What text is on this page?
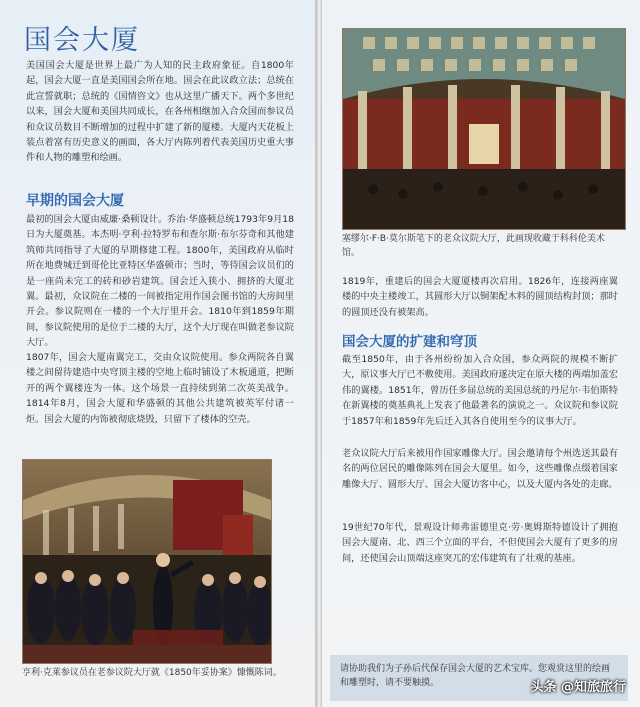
国会大厦

美国国会大厦是世界上最广为人知的民主政府象征。自1800年起，国会大厦一直是美国国会所在地。国会在此议政立法；总统在此宣誓就职；总统的《国情咨文》也从这里广播天下。两个多世纪以来，国会大厦和美国共同成长，在各州相继加入合众国而参议员和众议员数目不断增加的过程中扩建了新的厦楼。大厦内天花板上装点着富有历史意义的画面，各大厅内陈列着代表美国历史重大事件和人物的雕塑和绘画。

早期的国会大厦

最初的国会大厦由威廉·桑顿设计。乔治·华盛顿总统1793年9月18日为大厦奠基。本杰明·亨利·拉特罗布和查尔斯·布尔芬奇和其他建筑师共同指导了大厦的早期修建工程。1800年，美国政府从临时所在地费城迁到哥伦比亚特区华盛顿市；当时，等待国会议员们的是一座尚未完工的砖和砂岩建筑。国会迁入狭小、拥挤的大厦北翼。最初，众议院在二楼的一间被指定用作国会图书馆的大房间里开会。参议院则在一楼的一个大厅里开会。1810年到1859年期间，参议院使用的是位于二楼的大厅，这个大厅现在叫做老参议院大厅。

1807年，国会大厦南翼完工，交由众议院使用。参众两院各自翼楼之间留待建造中央穹顶主楼的空地上临时铺设了木板通道，把断开的两个翼楼连为一体。这个场景一直持续到第二次英美战争。1814年8月，国会大厦和华盛顿的其他公共建筑被英军付诸一炬。国会大厦的内饰被彻底烧毁，只留下了楼体的空壳。

亨利·克莱参议员在老参议院大厅就《1850年妥协案》慷慨陈词。

塞缪尔·F·B·莫尔斯笔下的老众议院大厅，此画现收藏于科科伦美术馆。

1819年，重建后的国会大厦厦楼再次启用。1826年，连接两座翼楼的中央主楼竣工，其圆形大厅以铜架配木料的圆顶结构封顶；那时的圆顶还没有被架高。

国会大厦的扩建和穹顶

截至1850年，由于各州纷纷加入合众国，参众两院的规模不断扩大，原议事大厅已不敷使用。美国政府遂决定在原大楼的两端加盖宏伟的翼楼。1851年，曾历任多届总统的美国总统的丹尼尔·韦伯斯特在新翼楼的奠基典礼上发表了他最著名的演说之一。众议院和参议院于1857年和1859年先后迁入其各自使用至今的议事大厅。

老众议院大厅后来被用作国家雕像大厅。国会邀请每个州选送其最有名的两位居民的雕像陈列在国会大厦里。如今，这些雕像点缀着国家雕像大厅、圆形大厅、国会大厦访客中心，以及大厦内各处的走廊。

19世纪70年代，景观设计师弗雷德里克·劳·奥姆斯特德设计了拥抱国会大厦南、北、西三个立面的平台，不但使国会大厦有了更多的房间，还使国会山顶端这座突兀的宏伟建筑有了壮观的基座。

请协助我们为子孙后代保存国会大厦的艺术宝库。您观赏这里的绘画和雕塑时，请不要触摸。	头条 @知旅旅行
